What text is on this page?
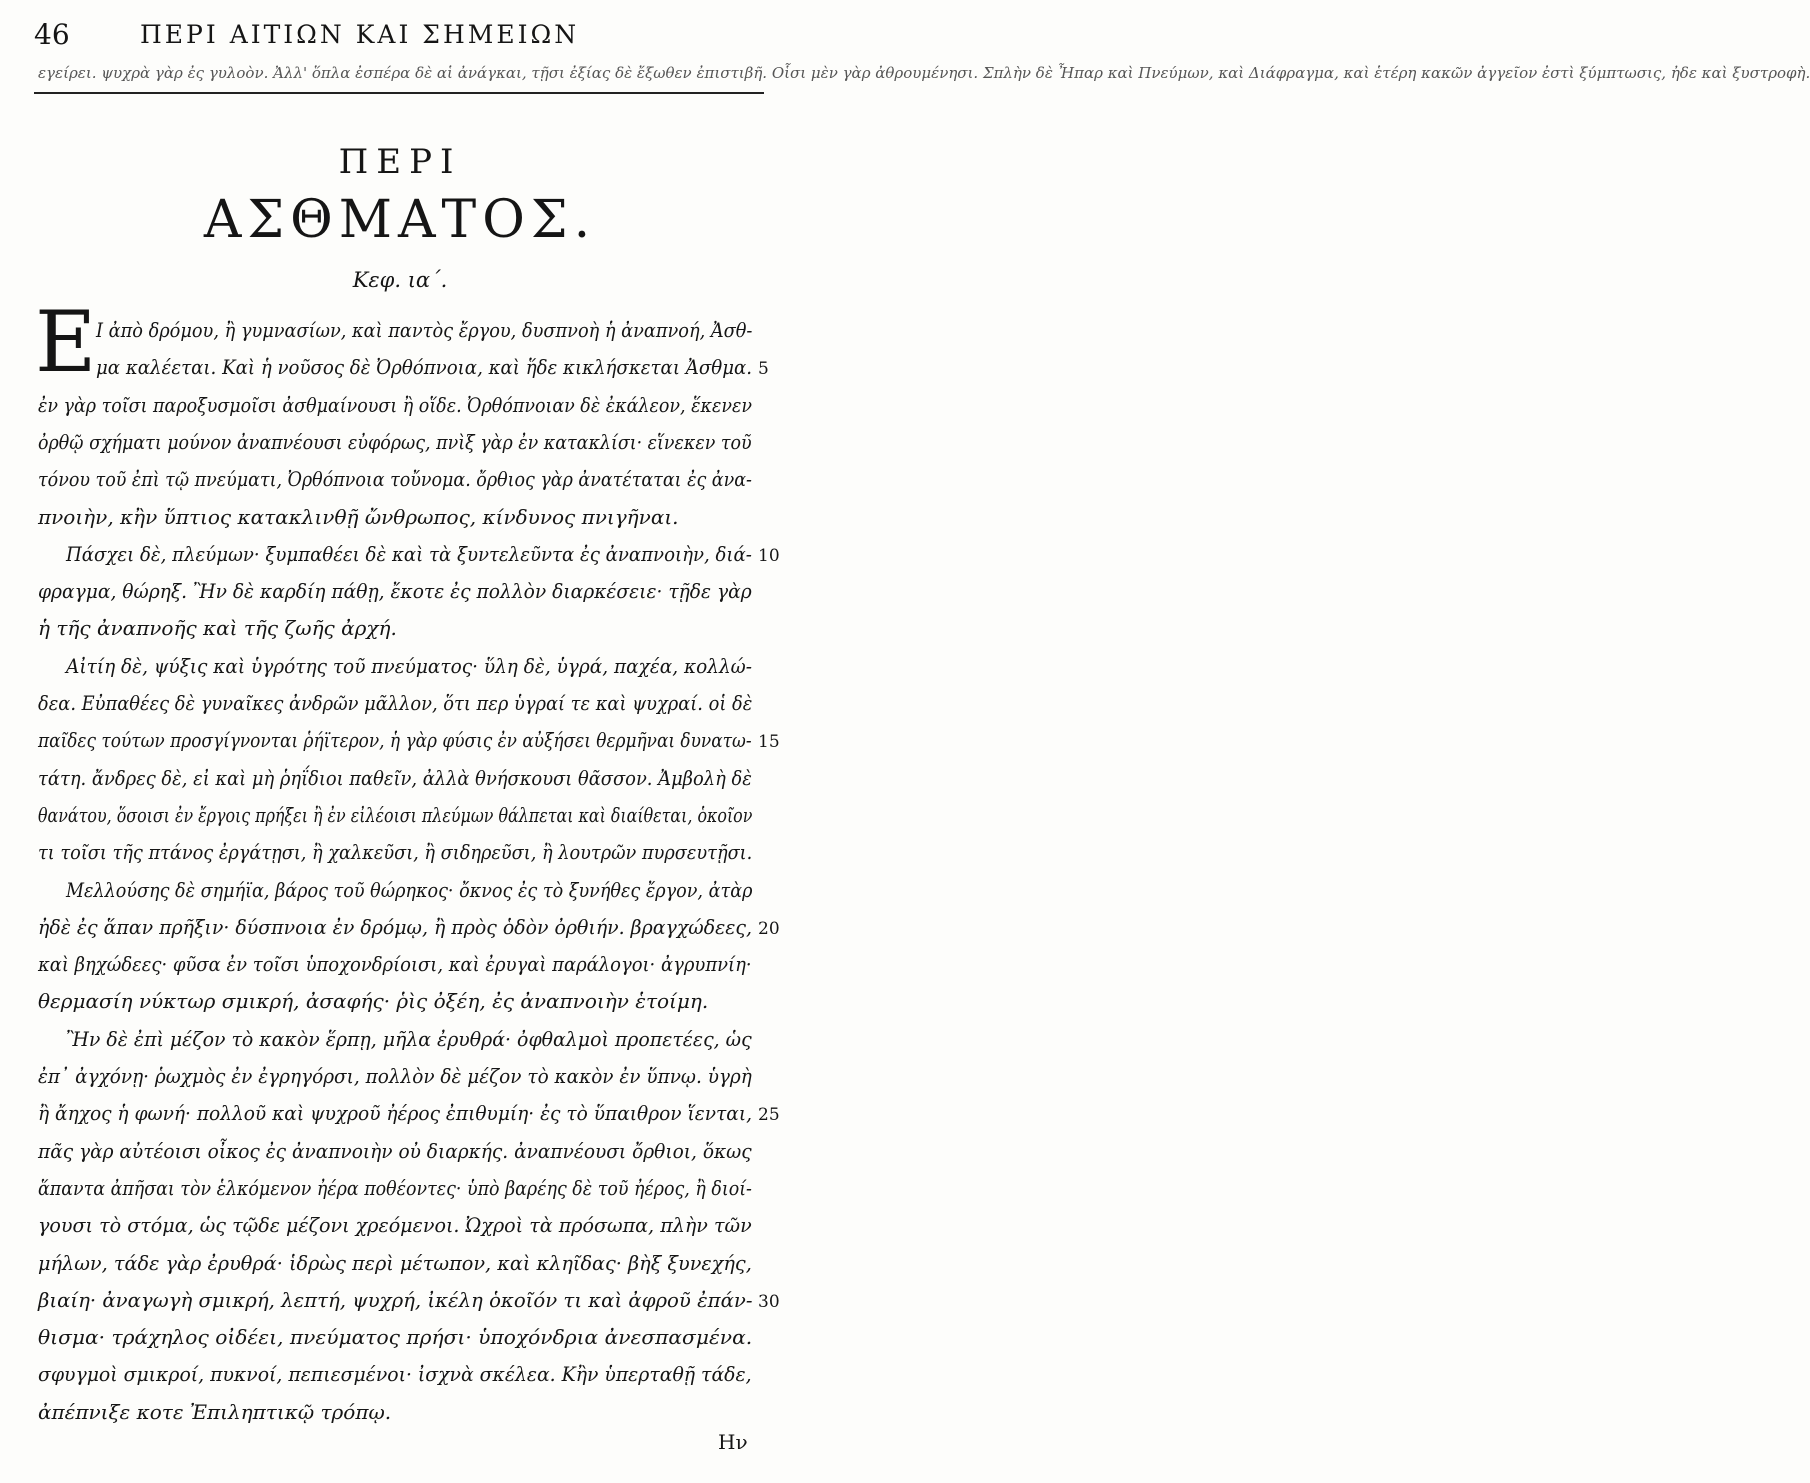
46	ΠΕΡΙ ΑΙΤΙΩΝ ΚΑΙ ΣΗΜΕΙΩΝ
εγείρει. ψυχρὰ γὰρ ἐς γυλοὸν. Ἀλλ' ὅπλα ἐσπέρα δὲ αἱ ἀνάγκαι, τῇσι ἐξίας δὲ ἔξωθεν ἐπιστιβῆ. Οἷσι μὲν γὰρ ἀθρουμένησι. Σπλὴν δὲ Ἦπαρ καὶ Πνεύμων, καὶ Διάφραγμα, καὶ ἑτέρη κακῶν ἀγγεῖον ἐστὶ ξύμπτωσις, ἠδε καὶ ξυστροφὴ.
ΠΕΡΙ
ΑΣΘΜΑΤΟΣ.
Κεφ. ια´.
Ε Ι ἀπὸ δρόμου, ἢ γυμνασίων, καὶ παντὸς ἔργου, δυσπνοὴ ἡ ἀναπνοή, Ἀσθ-
μα καλέεται. Καὶ ἡ νοῦσος δὲ Ὀρθόπνοια, καὶ ἥδε κικλήσκεται Ἀσθμα.
ἐν γὰρ τοῖσι παροξυσμοῖσι ἀσθμαίνουσι ἢ οἵδε. Ὀρθόπνοιαν δὲ ἐκάλεον, ἕκενεν
ὀρθῷ σχήματι μούνον ἀναπνέουσι εὐφόρως, πνὶξ γὰρ ἐν κατακλίσι· εἵνεκεν τοῦ
τόνου τοῦ ἐπὶ τῷ πνεύματι, Ὀρθόπνοια τοὔνομα. ὄρθιος γὰρ ἀνατέταται ἐς ἀνα-
πνοιὴν, κἢν ὕπτιος κατακλινθῇ ὤνθρωπος, κίνδυνος πνιγῆναι.
Πάσχει δὲ, πλεύμων· ξυμπαθέει δὲ καὶ τὰ ξυντελεῦντα ἐς ἀναπνοιὴν, διά-
φραγμα, θώρηξ. Ἢν δὲ καρδίη πάθῃ, ἔκοτε ἐς πολλὸν διαρκέσειε· τῇδε γὰρ
ἡ τῆς ἀναπνοῆς καὶ τῆς ζωῆς ἀρχή.
Αἰτίη δὲ, ψύξις καὶ ὑγρότης τοῦ πνεύματος· ὕλη δὲ, ὑγρά, παχέα, κολλώ-
δεα. Εὐπαθέες δὲ γυναῖκες ἀνδρῶν μᾶλλον, ὅτι περ ὑγραί τε καὶ ψυχραί. οἱ δὲ
παῖδες τούτων προσγίγνονται ῥήϊτερον, ἡ γὰρ φύσις ἐν αὐξήσει θερμῆναι δυνατω-
τάτη. ἄνδρες δὲ, εἰ καὶ μὴ ῥηΐδιοι παθεῖν, ἀλλὰ θνήσκουσι θᾶσσον. Ἀμβολὴ δὲ
θανάτου, ὅσοισι ἐν ἔργοις πρήξει ἢ ἐν εἰλέοισι πλεύμων θάλπεται καὶ διαίθεται, ὁκοῖον
τι τοῖσι τῆς πτάνος ἐργάτῃσι, ἢ χαλκεῦσι, ἢ σιδηρεῦσι, ἢ λουτρῶν πυρσευτῇσι.
Μελλούσης δὲ σημήϊα, βάρος τοῦ θώρηκος· ὄκνος ἐς τὸ ξυνήθες ἔργον, ἀτὰρ
ἠδὲ ἐς ἅπαν πρῆξιν· δύσπνοια ἐν δρόμῳ, ἢ πρὸς ὁδὸν ὀρθιήν. βραγχώδεες,
καὶ βηχώδεες· φῦσα ἐν τοῖσι ὑποχονδρίοισι, καὶ ἐρυγαὶ παράλογοι· ἀγρυπνίη·
θερμασίη νύκτωρ σμικρή, ἀσαφής· ῥὶς ὀξέη, ἐς ἀναπνοιὴν ἑτοίμη.
Ἢν δὲ ἐπὶ μέζον τὸ κακὸν ἕρπῃ, μῆλα ἐρυθρά· ὀφθαλμοὶ προπετέες, ὡς
ἐπ᾽ ἀγχόνῃ· ῥωχμὸς ἐν ἐγρηγόρσι, πολλὸν δὲ μέζον τὸ κακὸν ἐν ὕπνῳ. ὑγρὴ
ἢ ἄηχος ἡ φωνή· πολλοῦ καὶ ψυχροῦ ἠέρος ἐπιθυμίη· ἐς τὸ ὕπαιθρον ἵενται,
πᾶς γὰρ αὐτέοισι οἶκος ἐς ἀναπνοιὴν οὐ διαρκής. ἀναπνέουσι ὄρθιοι, ὅκως
ἅπαντα ἀπῆσαι τὸν ἑλκόμενον ἠέρα ποθέοντες· ὑπὸ βαρέης δὲ τοῦ ἠέρος, ἢ διοί-
γουσι τὸ στόμα, ὡς τῷδε μέζονι χρεόμενοι. Ὠχροὶ τὰ πρόσωπα, πλὴν τῶν
μήλων, τάδε γὰρ ἐρυθρά· ἱδρὼς περὶ μέτωπον, καὶ κληῖδας· βὴξ ξυνεχής,
βιαίη· ἀναγωγὴ σμικρή, λεπτή, ψυχρή, ἰκέλη ὁκοῖόν τι καὶ ἀφροῦ ἐπάν-
θισμα· τράχηλος οἰδέει, πνεύματος πρήσι· ὑποχόνδρια ἀνεσπασμένα.
σφυγμοὶ σμικροί, πυκνοί, πεπιεσμένοι· ἰσχνὰ σκέλεα. Κἢν ὑπερταθῇ τάδε,
ἀπέπνιξε κοτε Ἐπιληπτικῷ τρόπῳ.
5
10
15
20
25
30
Ην
